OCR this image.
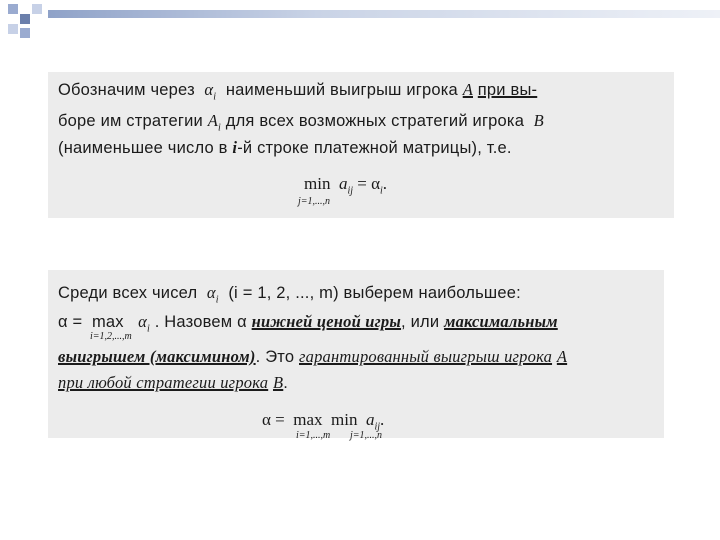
Обозначим через $\alpha_i$ наименьший выигрыш игрока A при вы-
боре им стратегии $A_i$ для всех возможных стратегий игрока B
(наименьшее число в i-й строке платежной матрицы), т.е.
$\min a_{ij} = \alpha_i$.
j=1,...,n
Среди всех чисел $\alpha_i$ (i = 1, 2, ..., m) выберем наибольшее:
$\alpha = \max \alpha_i$ . Назовем α нижней ценой игры, или максимальным
i=1,2,...,m
выигрышем (максимином). Это гарантированный выигрыш игрока A
при любой стратегии игрока B.
$\alpha = \max \min a_{ij}$.
i=1,...,m j=1,...,n
